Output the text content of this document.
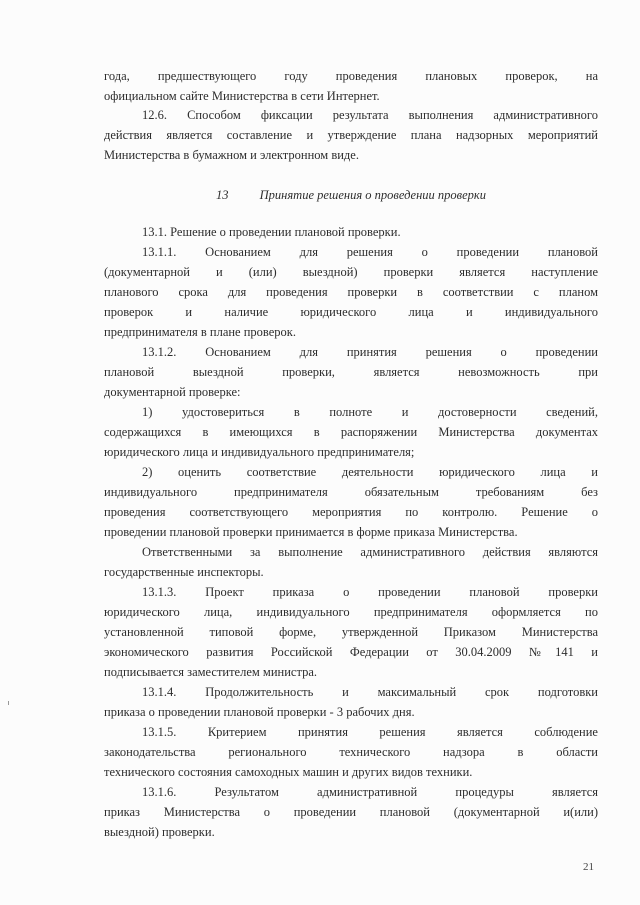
года, предшествующего году проведения плановых проверок, на
официальном сайте Министерства в сети Интернет.

12.6. Способом фиксации результата выполнения административного
действия является составление и утверждение плана надзорных мероприятий
Министерства в бумажном и электронном виде.

13 Принятие решения о проведении проверки

13.1. Решение о проведении плановой проверки.

13.1.1. Основанием для решения о проведении плановой
(документарной и (или) выездной) проверки является наступление
планового срока для проведения проверки в соответствии с планом
проверок и наличие юридического лица и индивидуального
предпринимателя в плане проверок.

13.1.2. Основанием для принятия решения о проведении
плановой выездной проверки, является невозможность при
документарной проверке:

1) удостовериться в полноте и достоверности сведений,
содержащихся в имеющихся в распоряжении Министерства документах
юридического лица и индивидуального предпринимателя;

2) оценить соответствие деятельности юридического лица и
индивидуального предпринимателя обязательным требованиям без
проведения соответствующего мероприятия по контролю. Решение о
проведении плановой проверки принимается в форме приказа Министерства.

Ответственными за выполнение административного действия являются
государственные инспекторы.

13.1.3. Проект приказа о проведении плановой проверки
юридического лица, индивидуального предпринимателя оформляется по
установленной типовой форме, утвержденной Приказом Министерства
экономического развития Российской Федерации от 30.04.2009 №141 и
подписывается заместителем министра.

13.1.4. Продолжительность и максимальный срок подготовки
приказа о проведении плановой проверки - 3 рабочих дня.

13.1.5. Критерием принятия решения является соблюдение
законодательства регионального технического надзора в области
технического состояния самоходных машин и других видов техники.

13.1.6. Результатом административной процедуры является
приказ Министерства о проведении плановой (документарной и(или)
выездной) проверки.

21
